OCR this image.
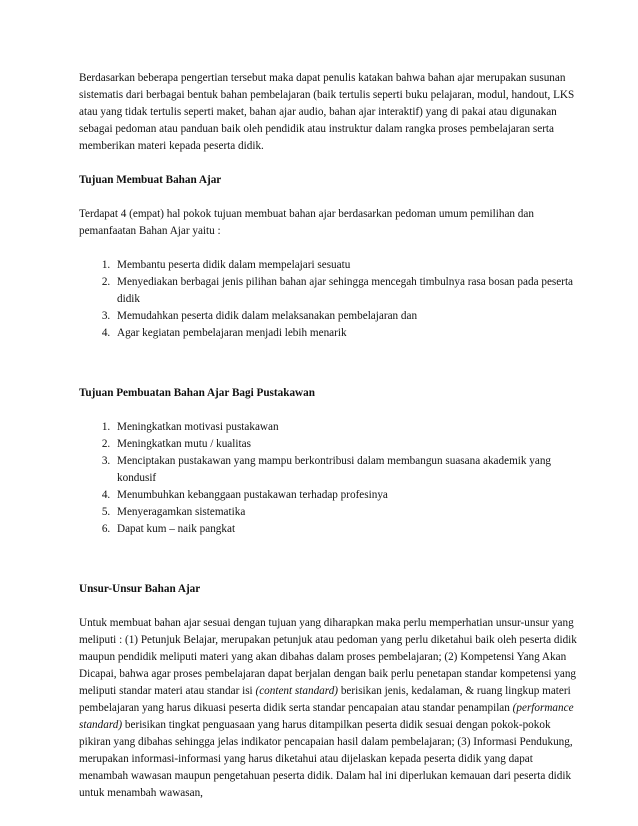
Berdasarkan beberapa pengertian tersebut maka dapat penulis katakan bahwa bahan ajar merupakan susunan sistematis dari berbagai bentuk bahan pembelajaran (baik tertulis seperti buku pelajaran, modul, handout, LKS atau yang tidak tertulis seperti maket, bahan ajar audio, bahan ajar interaktif) yang di pakai atau digunakan sebagai pedoman atau panduan baik oleh pendidik atau instruktur dalam rangka proses pembelajaran serta memberikan materi kepada peserta didik.

Tujuan Membuat Bahan Ajar

Terdapat 4 (empat) hal pokok tujuan membuat bahan ajar berdasarkan pedoman umum pemilihan dan pemanfaatan Bahan Ajar yaitu :

1. Membantu peserta didik dalam mempelajari sesuatu
2. Menyediakan berbagai jenis pilihan bahan ajar sehingga mencegah timbulnya rasa bosan pada peserta didik
3. Memudahkan peserta didik dalam melaksanakan pembelajaran dan
4. Agar kegiatan pembelajaran menjadi lebih menarik
Tujuan Pembuatan Bahan Ajar Bagi Pustakawan
1. Meningkatkan motivasi pustakawan
2. Meningkatkan mutu / kualitas
3. Menciptakan pustakawan yang mampu berkontribusi dalam membangun suasana akademik yang kondusif
4. Menumbuhkan kebanggaan pustakawan terhadap profesinya
5. Menyeragamkan sistematika
6. Dapat kum – naik pangkat
Unsur-Unsur Bahan Ajar

Untuk membuat bahan ajar sesuai dengan tujuan yang diharapkan maka perlu memperhatian unsur-unsur yang meliputi : (1) Petunjuk Belajar, merupakan petunjuk atau pedoman yang perlu diketahui baik oleh peserta didik maupun pendidik meliputi materi yang akan dibahas dalam proses pembelajaran; (2) Kompetensi Yang Akan Dicapai, bahwa agar proses pembelajaran dapat berjalan dengan baik perlu penetapan standar kompetensi yang meliputi standar materi atau standar isi (content standard) berisikan jenis, kedalaman, & ruang lingkup materi pembelajaran yang harus dikuasi peserta didik serta standar pencapaian atau standar penampilan (performance standard) berisikan tingkat penguasaan yang harus ditampilkan peserta didik sesuai dengan pokok-pokok pikiran yang dibahas sehingga jelas indikator pencapaian hasil dalam pembelajaran; (3) Informasi Pendukung, merupakan informasi-informasi yang harus diketahui atau dijelaskan kepada peserta didik yang dapat menambah wawasan maupun pengetahuan peserta didik. Dalam hal ini diperlukan kemauan dari peserta didik untuk menambah wawasan,
